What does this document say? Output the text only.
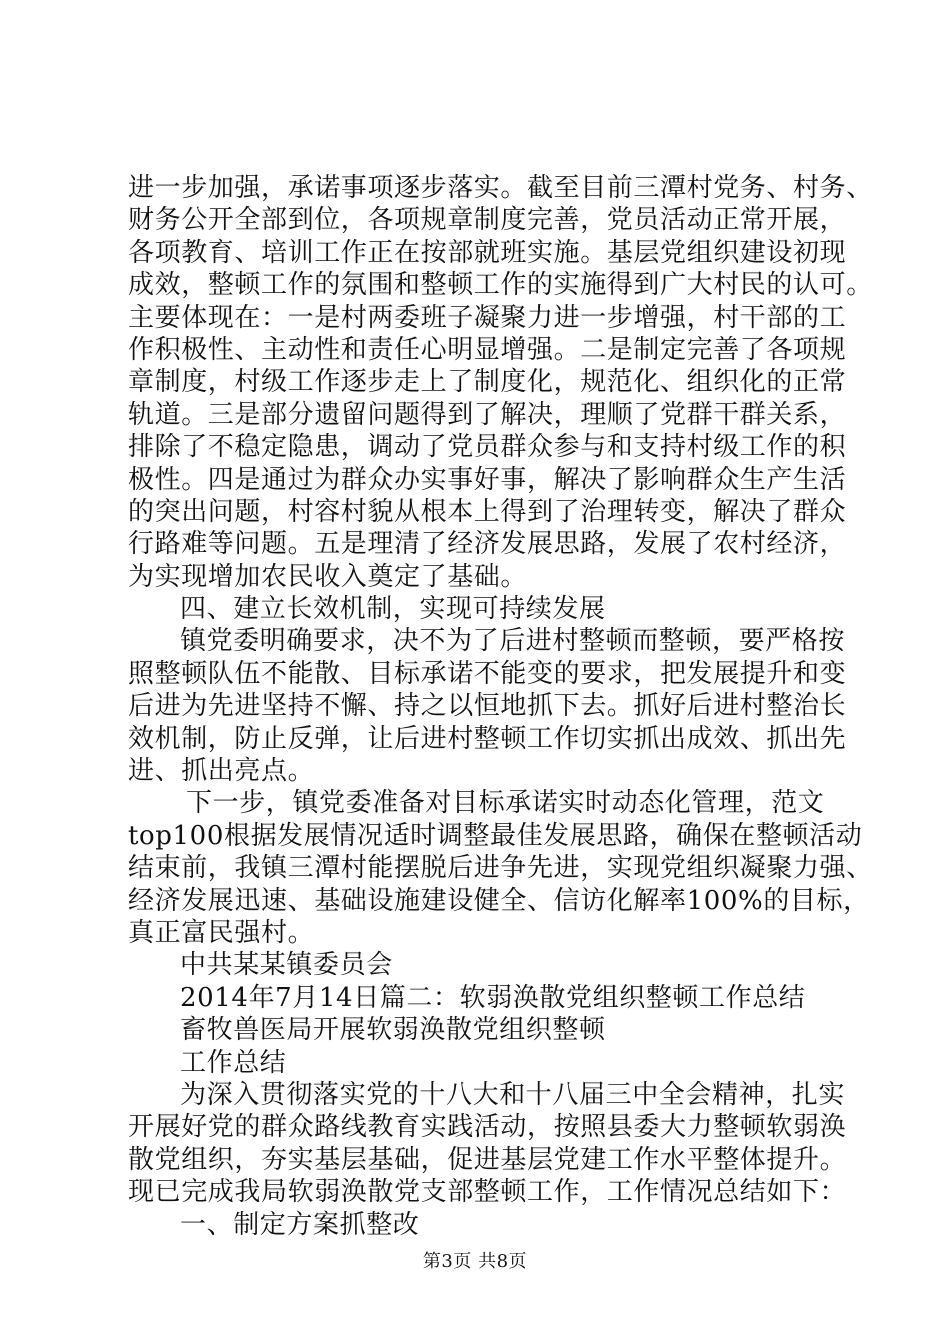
进一步加强，承诺事项逐步落实。截至目前三潭村党务、村务、
财务公开全部到位，各项规章制度完善，党员活动正常开展，
各项教育、培训工作正在按部就班实施。基层党组织建设初现
成效，整顿工作的氛围和整顿工作的实施得到广大村民的认可。
主要体现在：一是村两委班子凝聚力进一步增强，村干部的工
作积极性、主动性和责任心明显增强。二是制定完善了各项规
章制度，村级工作逐步走上了制度化，规范化、组织化的正常
轨道。三是部分遗留问题得到了解决，理顺了党群干群关系，
排除了不稳定隐患，调动了党员群众参与和支持村级工作的积
极性。四是通过为群众办实事好事，解决了影响群众生产生活
的突出问题，村容村貌从根本上得到了治理转变，解决了群众
行路难等问题。五是理清了经济发展思路，发展了农村经济，
为实现增加农民收入奠定了基础。
四、建立长效机制，实现可持续发展
镇党委明确要求，决不为了后进村整顿而整顿，要严格按
照整顿队伍不能散、目标承诺不能变的要求，把发展提升和变
后进为先进坚持不懈、持之以恒地抓下去。抓好后进村整治长
效机制，防止反弹，让后进村整顿工作切实抓出成效、抓出先
进、抓出亮点。
下一步，镇党委准备对目标承诺实时动态化管理，范文
top100根据发展情况适时调整最佳发展思路，确保在整顿活动
结束前，我镇三潭村能摆脱后进争先进，实现党组织凝聚力强、
经济发展迅速、基础设施建设健全、信访化解率100%的目标，
真正富民强村。
中共某某镇委员会
2014年7月14日篇二：软弱涣散党组织整顿工作总结
畜牧兽医局开展软弱涣散党组织整顿
工作总结
为深入贯彻落实党的十八大和十八届三中全会精神，扎实
开展好党的群众路线教育实践活动，按照县委大力整顿软弱涣
散党组织，夯实基层基础，促进基层党建工作水平整体提升。
现已完成我局软弱涣散党支部整顿工作，工作情况总结如下：
一、制定方案抓整改
第3页 共8页
